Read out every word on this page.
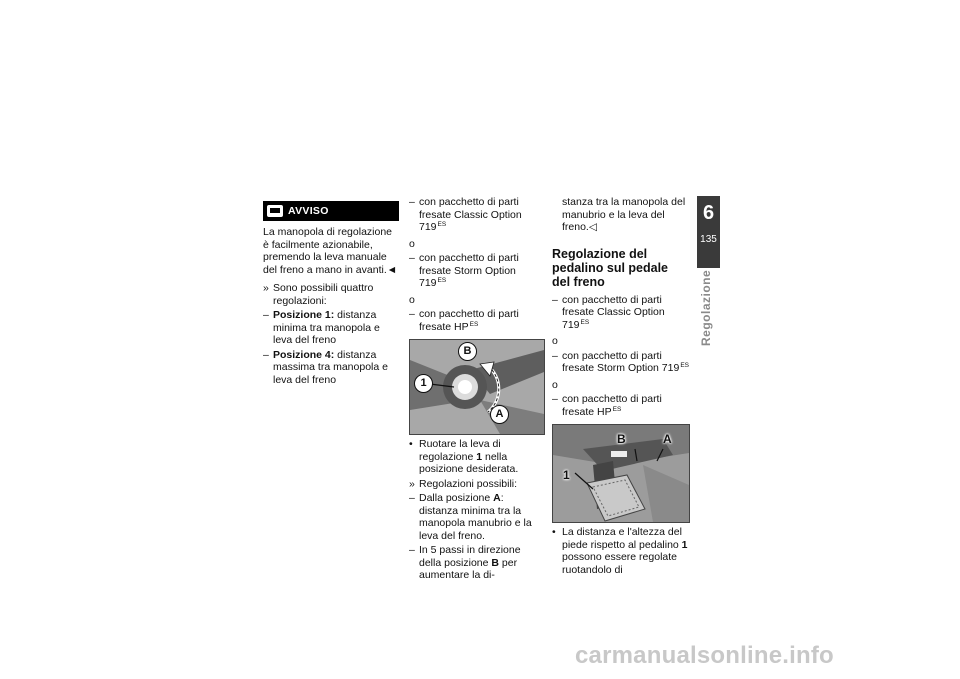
AVVISO

La manopola di regolazione è facilmente azionabile, premendo la leva manuale del freno a mano in avanti.◄

» Sono possibili quattro regolazioni:
– Posizione 1: distanza minima tra manopola e leva del freno
– Posizione 4: distanza massima tra manopola e leva del freno
– con pacchetto di parti fresate Classic Option $719^{ES}$

o

– con pacchetto di parti fresate Storm Option $719^{ES}$

o

– con pacchetto di parti fresate $HP^{ES}$
B
1
A
• Ruotare la leva di regolazione 1 nella posizione desiderata.
» Regolazioni possibili:
– Dalla posizione A: distanza minima tra la manopola manubrio e la leva del freno.
– In 5 passi in direzione della posizione B per aumentare la di-

stanza tra la manopola del manubrio e la leva del freno.◁

Regolazione del pedalino sul pedale del freno
– con pacchetto di parti fresate Classic Option $719^{ES}$

o

– con pacchetto di parti fresate Storm Option $719^{ES}$

o

– con pacchetto di parti fresate $HP^{ES}$
B	A
1
• La distanza e l'altezza del piede rispetto al pedalino 1 possono essere regolate ruotandolo di
6
135
Regolazione
carmanualsonline.info
